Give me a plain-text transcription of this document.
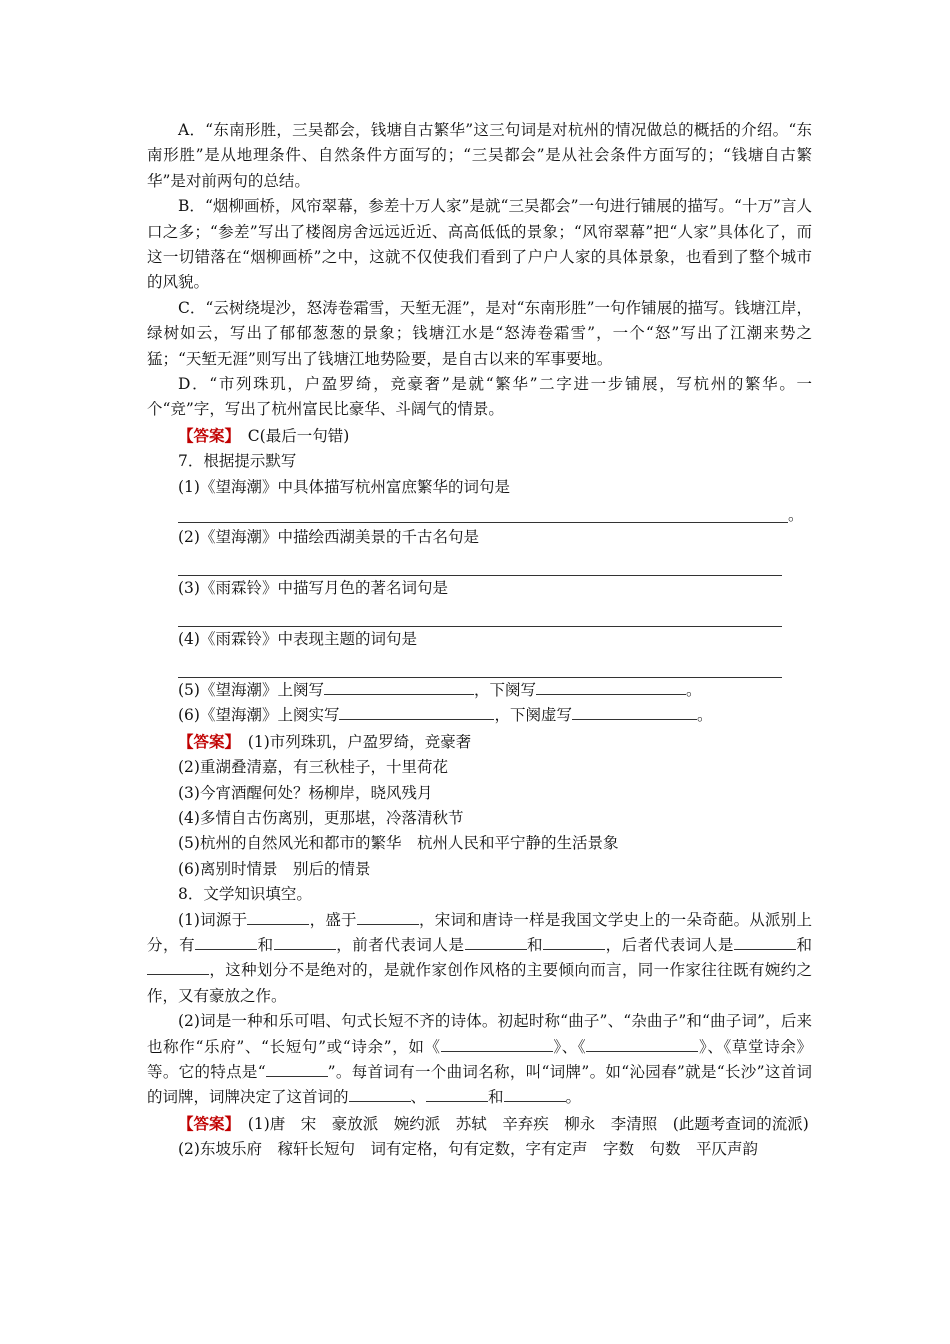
A．“东南形胜，三吴都会，钱塘自古繁华”这三句词是对杭州的情况做总的概括的介绍。“东南形胜”是从地理条件、自然条件方面写的；“三吴都会”是从社会条件方面写的；“钱塘自古繁华”是对前两句的总结。

B．“烟柳画桥，风帘翠幕，参差十万人家”是就“三吴都会”一句进行铺展的描写。“十万”言人口之多；“参差”写出了楼阁房舍远远近近、高高低低的景象；“风帘翠幕”把“人家”具体化了，而这一切错落在“烟柳画桥”之中，这就不仅使我们看到了户户人家的具体景象，也看到了整个城市的风貌。

C．“云树绕堤沙，怒涛卷霜雪，天堑无涯”，是对“东南形胜”一句作铺展的描写。钱塘江岸，绿树如云，写出了郁郁葱葱的景象；钱塘江水是“怒涛卷霜雪”，一个“怒”写出了江潮来势之猛；“天堑无涯”则写出了钱塘江地势险要，是自古以来的军事要地。

D．“市列珠玑，户盈罗绮，竞豪奢”是就“繁华”二字进一步铺展，写杭州的繁华。一个“竞”字，写出了杭州富民比豪华、斗阔气的情景。

【答案】　 C(最后一句错)

7．根据提示默写

(1)《望海潮》中具体描写杭州富庶繁华的词句是

。

(2)《望海潮》中描绘西湖美景的千古名句是

(3)《雨霖铃》中描写月色的著名词句是

(4)《雨霖铃》中表现主题的词句是

(5)《望海潮》上阕写	，下阕写	。

(6)《望海潮》上阕实写	，下阕虚写	。

【答案】　 (1)市列珠玑，户盈罗绮，竞豪奢

(2)重湖叠清嘉，有三秋桂子，十里荷花

(3)今宵酒醒何处？杨柳岸，晓风残月

(4)多情自古伤离别，更那堪，冷落清秋节

(5)杭州的自然风光和都市的繁华　杭州人民和平宁静的生活景象

(6)离别时情景　别后的情景

8．文学知识填空。

(1)词源于	，盛于	，宋词和唐诗一样是我国文学史上的一朵奇葩。从派别上分，有	和	，前者代表词人是	和	，后者代表词人是	和，这种划分不是绝对的，是就作家创作风格的主要倾向而言，同一作家往往既有婉约之作，又有豪放之作。

(2)词是一种和乐可唱、句式长短不齐的诗体。初起时称“曲子”、“杂曲子”和“曲子词”，后来也称作“乐府”、“长短句”或“诗余”，如《	》、《	》、《草堂诗余》等。它的特点是“	”。每首词有一个曲词名称，叫“词牌”。如“沁园春”就是“长沙”这首词的词牌，词牌决定了这首词的	、	和	。

【答案】　 (1)唐　宋　豪放派　婉约派　苏轼　辛弃疾　柳永　李清照　(此题考查词的流派)

(2)东坡乐府　稼轩长短句　词有定格，句有定数，字有定声　字数　句数　平仄声韵
